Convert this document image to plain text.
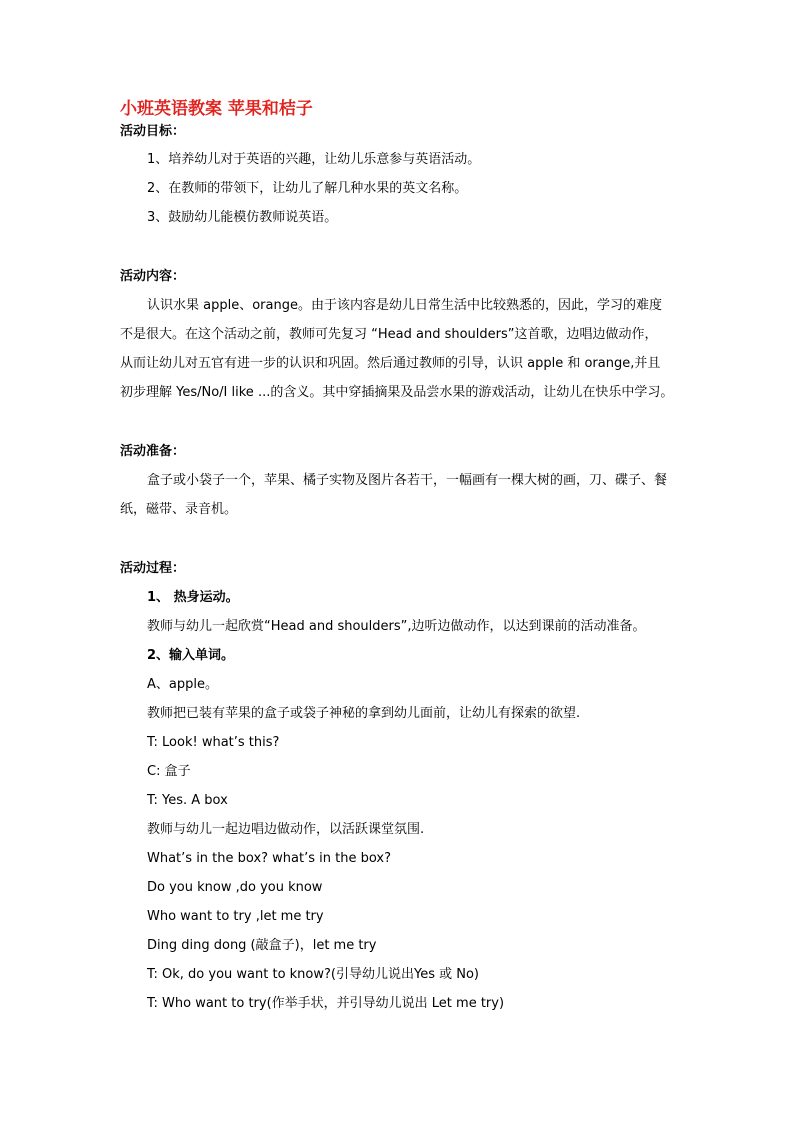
小班英语教案 苹果和桔子
活动目标：
1、培养幼儿对于英语的兴趣，让幼儿乐意参与英语活动。
2、在教师的带领下，让幼儿了解几种水果的英文名称。
3、鼓励幼儿能模仿教师说英语。
活动内容：
认识水果 apple、orange。由于该内容是幼儿日常生活中比较熟悉的，因此，学习的难度
不是很大。在这个活动之前，教师可先复习 “Head and shoulders”这首歌，边唱边做动作，
从而让幼儿对五官有进一步的认识和巩固。然后通过教师的引导，认识 apple 和 orange,并且
初步理解 Yes/No/I like ...的含义。其中穿插摘果及品尝水果的游戏活动，让幼儿在快乐中学习。
活动准备：
盒子或小袋子一个，苹果、橘子实物及图片各若干，一幅画有一棵大树的画，刀、碟子、餐
纸，磁带、录音机。
活动过程：
1、 热身运动。
教师与幼儿一起欣赏“Head and shoulders”,边听边做动作，以达到课前的活动准备。
2、输入单词。
A、apple。
教师把已装有苹果的盒子或袋子神秘的拿到幼儿面前，让幼儿有探索的欲望.
T: Look! what’s this?
C: 盒子
T: Yes. A box
教师与幼儿一起边唱边做动作，以活跃课堂氛围.
What’s in the box? what’s in the box?
Do you know ,do you know
Who want to try ,let me try
Ding ding dong (敲盒子)，let me try
T: Ok, do you want to know?(引导幼儿说出Yes 或 No)
T: Who want to try(作举手状，并引导幼儿说出 Let me try)
